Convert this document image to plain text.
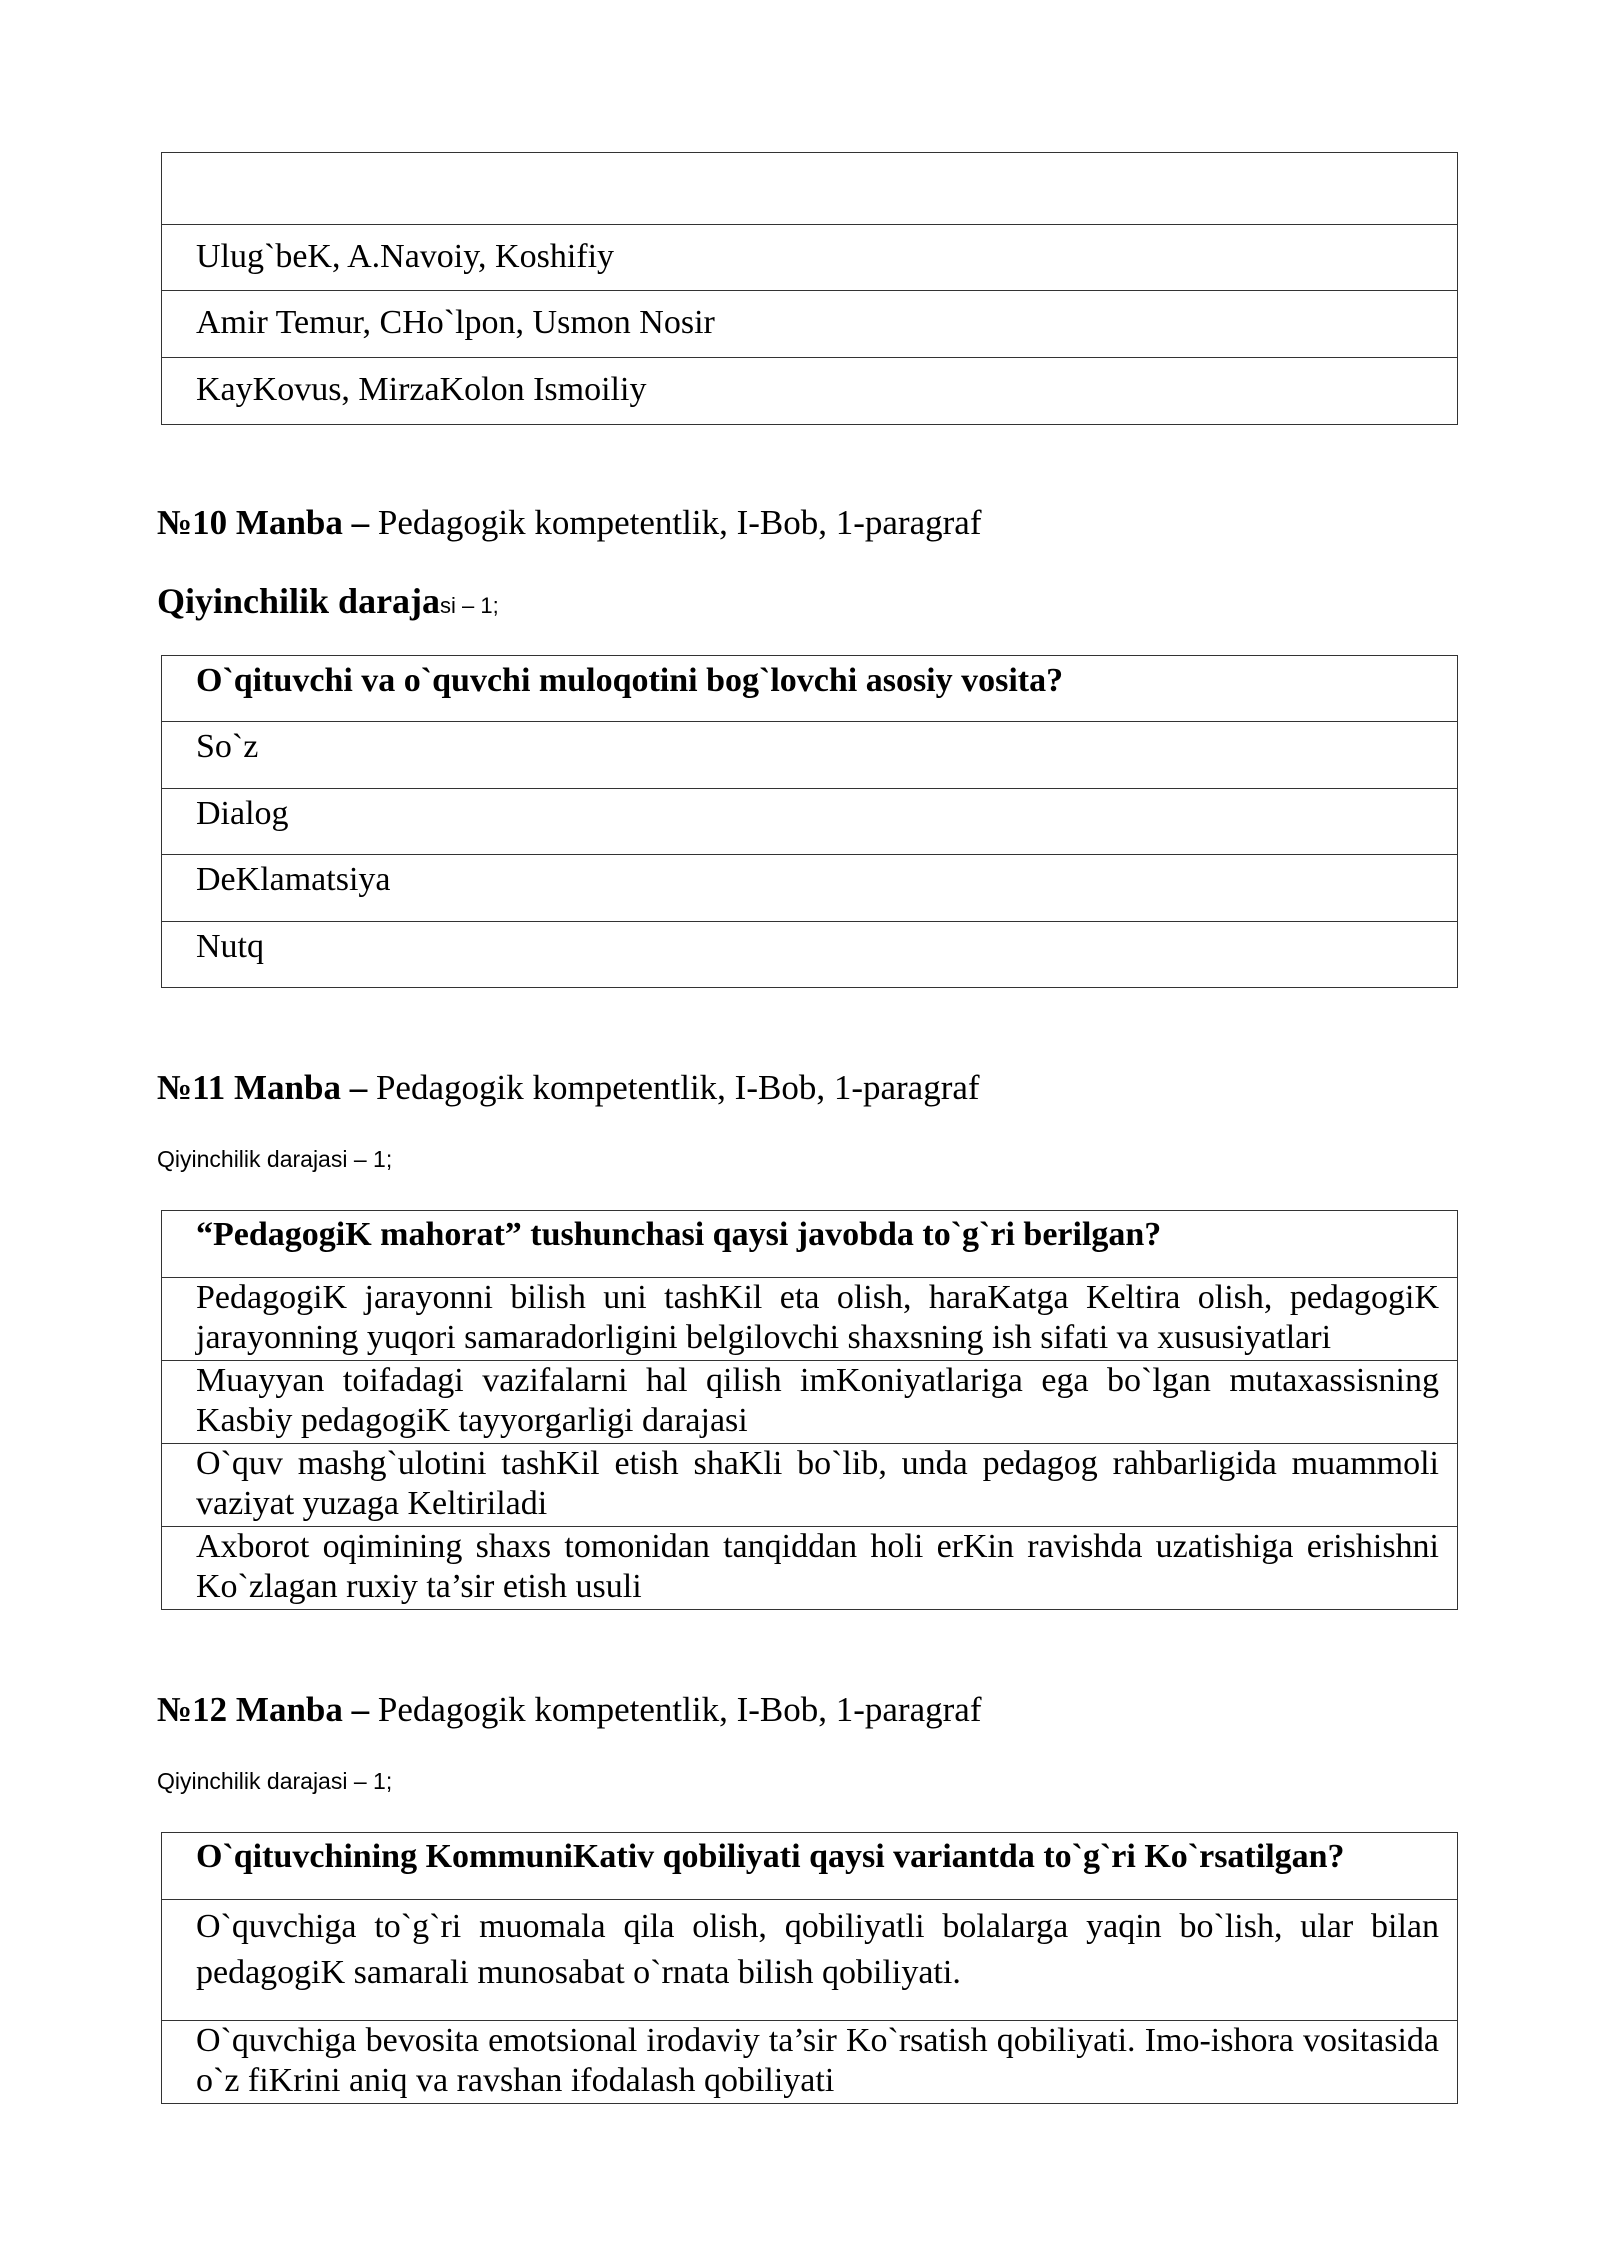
Ulug`beK, A.Navoiy, Koshifiy
Amir Temur, CHo`lpon, Usmon Nosir
KayKovus, MirzaKolon Ismoiliy
№10 Manba – Pedagogik kompetentlik, I-Bob, 1-paragraf
Qiyinchilik darajasi – 1;
O`qituvchi va o`quvchi muloqotini bog`lovchi asosiy vosita?
So`z
Dialog
DeKlamatsiya
Nutq
№11 Manba – Pedagogik kompetentlik, I-Bob, 1-paragraf
Qiyinchilik darajasi – 1;
“PedagogiK mahorat” tushunchasi qaysi javobda to`g`ri berilgan?
PedagogiK jarayonni bilish uni tashKil eta olish, haraKatga Keltira olish, pedagogiK jarayonning yuqori samaradorligini belgilovchi shaxsning ish sifati va xususiyatlari
Muayyan toifadagi vazifalarni hal qilish imKoniyatlariga ega bo`lgan mutaxassisning Kasbiy pedagogiK tayyorgarligi darajasi
O`quv mashg`ulotini tashKil etish shaKli bo`lib, unda pedagog rahbarligida muammoli vaziyat yuzaga Keltiriladi
Axborot oqimining shaxs tomonidan tanqiddan holi erKin ravishda uzatishiga erishishni Ko`zlagan ruxiy ta’sir etish usuli
№12 Manba – Pedagogik kompetentlik, I-Bob, 1-paragraf
Qiyinchilik darajasi – 1;
O`qituvchining KommuniKativ qobiliyati qaysi variantda to`g`ri Ko`rsatilgan?
O`quvchiga to`g`ri muomala qila olish, qobiliyatli bolalarga yaqin bo`lish, ular bilan pedagogiK samarali munosabat o`rnata bilish qobiliyati.
O`quvchiga bevosita emotsional irodaviy ta’sir Ko`rsatish qobiliyati. Imo-ishora vositasida o`z fiKrini aniq va ravshan ifodalash qobiliyati
